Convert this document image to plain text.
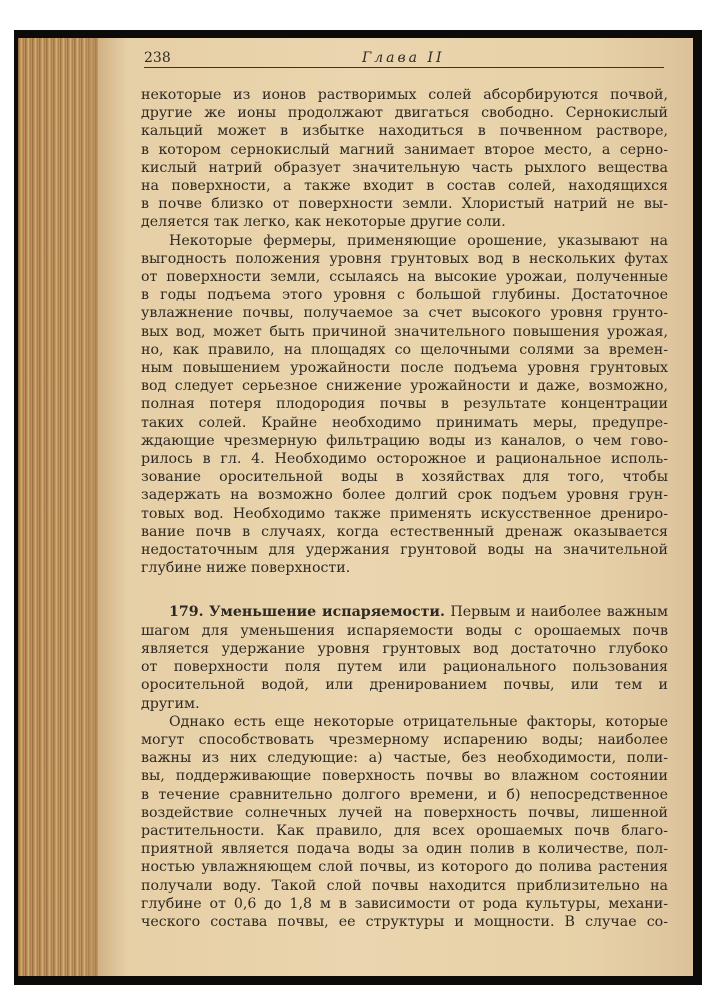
238	Глава II
некоторые из ионов растворимых солей абсорбируются почвой,
другие же ионы продолжают двигаться свободно. Сернокислый
кальций может в избытке находиться в почвенном растворе,
в котором сернокислый магний занимает второе место, а серно-
кислый натрий образует значительную часть рыхлого вещества
на поверхности, а также входит в состав солей, находящихся
в почве близко от поверхности земли. Хлористый натрий не вы-
деляется так легко, как некоторые другие соли.
Некоторые фермеры, применяющие орошение, указывают на
выгодность положения уровня грунтовых вод в нескольких футах
от поверхности земли, ссылаясь на высокие урожаи, полученные
в годы подъема этого уровня с большой глубины. Достаточное
увлажнение почвы, получаемое за счет высокого уровня грунто-
вых вод, может быть причиной значительного повышения урожая,
но, как правило, на площадях со щелочными солями за времен-
ным повышением урожайности после подъема уровня грунтовых
вод следует серьезное снижение урожайности и даже, возможно,
полная потеря плодородия почвы в результате концентрации
таких солей. Крайне необходимо принимать меры, предупре-
ждающие чрезмерную фильтрацию воды из каналов, о чем гово-
рилось в гл. 4. Необходимо осторожное и рациональное исполь-
зование оросительной воды в хозяйствах для того, чтобы
задержать на возможно более долгий срок подъем уровня грун-
товых вод. Необходимо также применять искусственное дрениро-
вание почв в случаях, когда естественный дренаж оказывается
недостаточным для удержания грунтовой воды на значительной
глубине ниже поверхности.
179. Уменьшение испаряемости. Первым и наиболее важным
шагом для уменьшения испаряемости воды с орошаемых почв
является удержание уровня грунтовых вод достаточно глубоко
от поверхности поля путем или рационального пользования
оросительной водой, или дренированием почвы, или тем и
другим.
Однако есть еще некоторые отрицательные факторы, которые
могут способствовать чрезмерному испарению воды; наиболее
важны из них следующие: а) частые, без необходимости, поли-
вы, поддерживающие поверхность почвы во влажном состоянии
в течение сравнительно долгого времени, и б) непосредственное
воздействие солнечных лучей на поверхность почвы, лишенной
растительности. Как правило, для всех орошаемых почв благо-
приятной является подача воды за один полив в количестве, пол-
ностью увлажняющем слой почвы, из которого до полива растения
получали воду. Такой слой почвы находится приблизительно на
глубине от 0,6 до 1,8 м в зависимости от рода культуры, механи-
ческого состава почвы, ее структуры и мощности. В случае со-
